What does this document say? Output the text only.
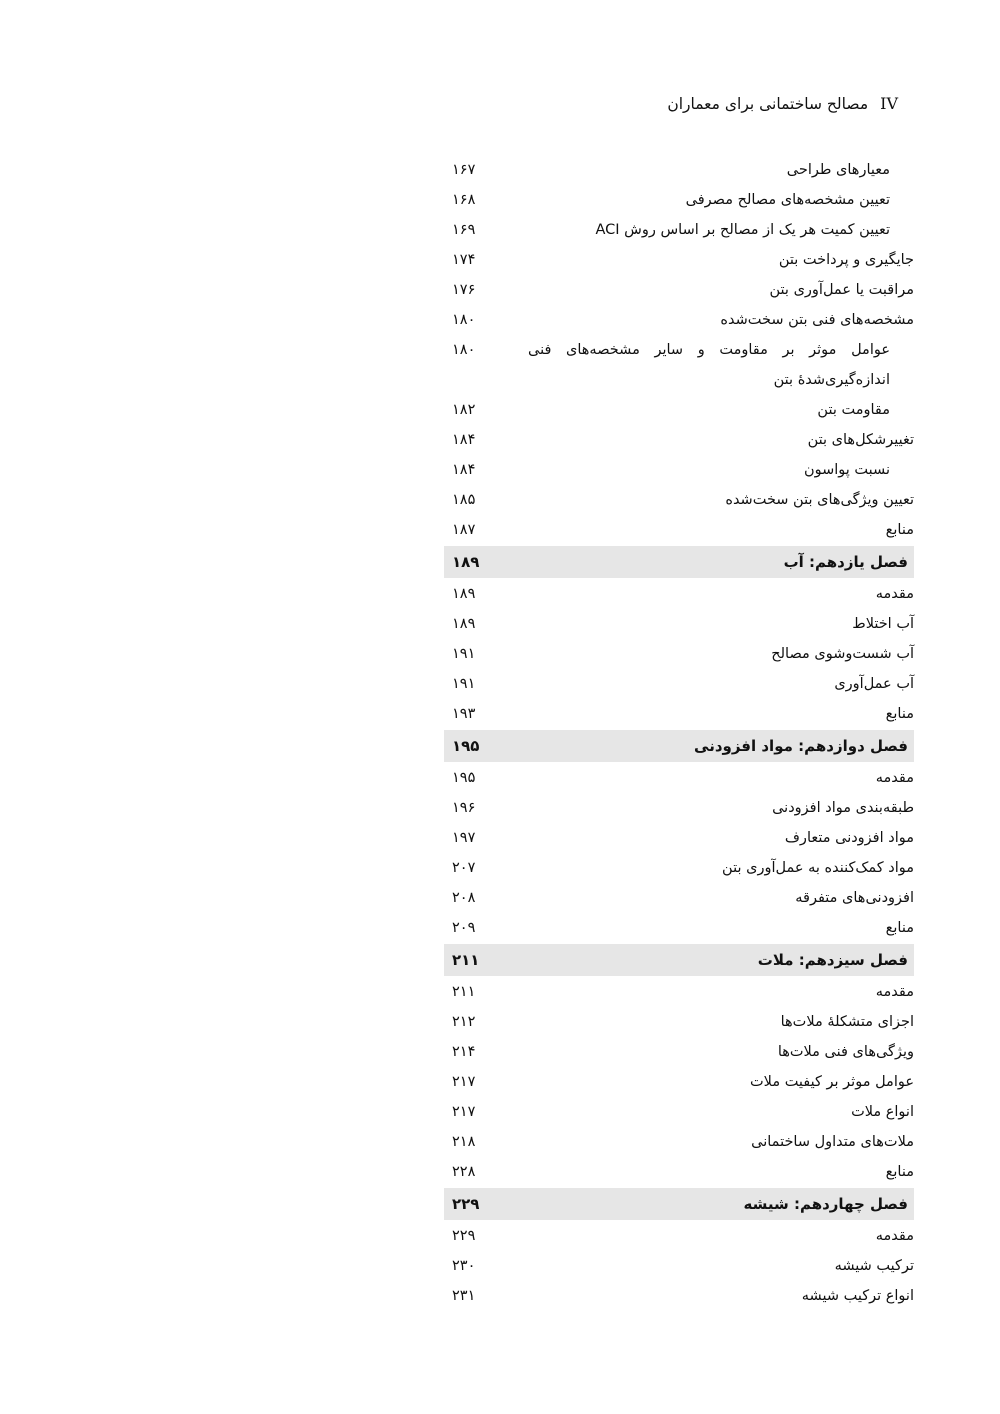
IV
مصالح ساختمانی برای معماران
معیارهای طراحی
۱۶۷
تعیین مشخصه‌های مصالح مصرفی
۱۶۸
تعیین کمیت هر یک از مصالح بر اساس روش ACI
۱۶۹
جایگیری و پرداخت بتن
۱۷۴
مراقبت یا عمل‌آوری بتن
۱۷۶
مشخصه‌های فنی بتن سخت‌شده
۱۸۰
عوامل موثر بر مقاومت و سایر مشخصه‌های فنی اندازه‌گیری‌شدۀ بتن
۱۸۰
مقاومت بتن
۱۸۲
تغییرشکل‌های بتن
۱۸۴
نسبت پواسون
۱۸۴
تعیین ویژگی‌های بتن سخت‌شده
۱۸۵
منابع
۱۸۷
فصل یازدهم: آب
۱۸۹
مقدمه
۱۸۹
آب اختلاط
۱۸۹
آب شست‌وشوی مصالح
۱۹۱
آب عمل‌آوری
۱۹۱
منابع
۱۹۳
فصل دوازدهم: مواد افزودنی
۱۹۵
مقدمه
۱۹۵
طبقه‌بندی مواد افزودنی
۱۹۶
مواد افزودنی متعارف
۱۹۷
مواد کمک‌کننده به عمل‌آوری بتن
۲۰۷
افزودنی‌های متفرقه
۲۰۸
منابع
۲۰۹
فصل سیزدهم: ملات
۲۱۱
مقدمه
۲۱۱
اجزای متشکلۀ ملات‌ها
۲۱۲
ویژگی‌های فنی ملات‌ها
۲۱۴
عوامل موثر بر کیفیت ملات
۲۱۷
انواع ملات
۲۱۷
ملات‌های متداول ساختمانی
۲۱۸
منابع
۲۲۸
فصل چهاردهم: شیشه
۲۲۹
مقدمه
۲۲۹
ترکیب شیشه
۲۳۰
انواع ترکیب شیشه
۲۳۱
